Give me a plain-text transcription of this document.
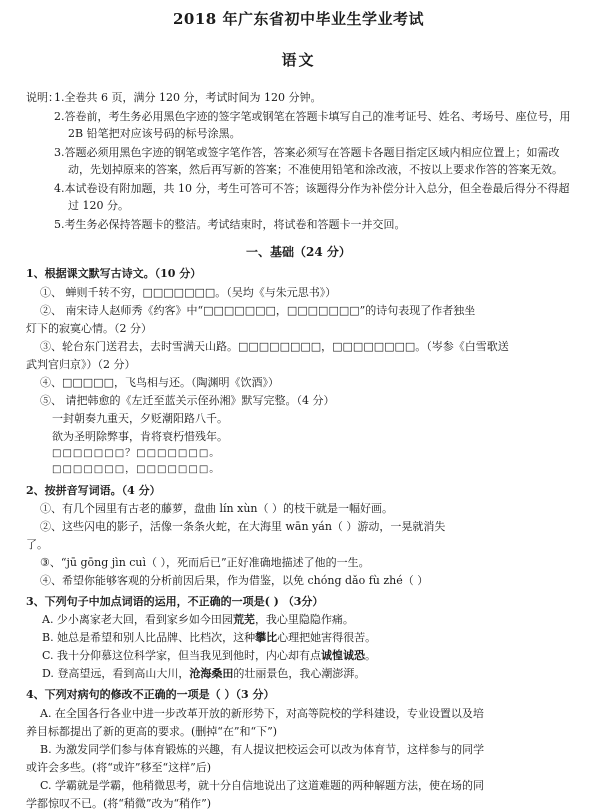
2018 年广东省初中毕业生学业考试
语文
说明：
1.全卷共 6 页，满分 120 分，考试时间为 120 分钟。
2.答卷前，考生务必用黑色字迹的签字笔或钢笔在答题卡填写自己的准考证号、姓名、考场号、座位号，用 2B 铅笔把对应该号码的标号涂黑。
3.答题必须用黑色字迹的钢笔或签字笔作答，答案必须写在答题卡各题目指定区域内相应位置上；如需改动，先划掉原来的答案，然后再写新的答案；不准使用铅笔和涂改液，不按以上要求作答的答案无效。
4.本试卷设有附加题，共 10 分，考生可答可不答；该题得分作为补偿分计入总分，但全卷最后得分不得超过 120 分。
5.考生务必保持答题卡的整洁。考试结束时，将试卷和答题卡一并交回。
一、基础（24 分）
1、根据课文默写古诗文。（10 分）
①、 蝉则千转不穷，□□□□□□□。（吴均《与朱元思书》）
②、 南宋诗人赵师秀《约客》中“□□□□□□□，□□□□□□□”的诗句表现了作者独坐
灯下的寂寞心情。（2 分）
③、轮台东门送君去，去时雪满天山路。□□□□□□□□，□□□□□□□□。（岑参《白雪歌送
武判官归京》）（2 分）
④、□□□□□，飞鸟相与还。（陶渊明《饮酒》）
⑤、 请把韩愈的《左迁至蓝关示侄孙湘》默写完整。（4 分）
一封朝奏九重天，夕贬潮阳路八千。
欲为圣明除弊事，肯将衰朽惜残年。
□□□□□□□？□□□□□□□。
□□□□□□□，□□□□□□□。
2、按拼音写词语。（4 分）
①、有几个园里有古老的藤萝，盘曲 lín xùn（ ）的枝干就是一幅好画。
②、这些闪电的影子，活像一条条火蛇，在大海里 wān yán（ ）游动，一晃就消失
了。
③、“jū gōng jìn cuì（ ），死而后已”正好准确地描述了他的一生。
④、希望你能够客观的分析前因后果，作为借鉴，以免 chóng dǎo fù zhé（ ）
3、下列句子中加点词语的运用，不正确的一项是( ) （3分）
A. 少小离家老大回，看到家乡如今田园荒芜，我心里隐隐作痛。
B. 她总是希望和别人比品牌、比档次，这种攀比心理把她害得很苦。
C. 我十分仰慕这位科学家，但当我见到他时，内心却有点诚惶诚恐。
D. 登高望远，看到高山大川，沧海桑田的壮丽景色，我心潮澎湃。
4、下列对病句的修改不正确的一项是（ ）（3 分）
A. 在全国各行各业中进一步改革开放的新形势下，对高等院校的学科建设，专业设置以及培
养目标都提出了新的更高的要求。(删掉“在”和“下”)
B. 为激发同学们参与体育锻炼的兴趣，有人提议把校运会可以改为体育节，这样参与的同学
或许会多些。(将“或许”移至“这样”后)
C. 学霸就是学霸，他稍微思考，就十分自信地说出了这道难题的两种解题方法，使在场的同
学都惊叹不已。(将“稍微”改为“稍作”)
